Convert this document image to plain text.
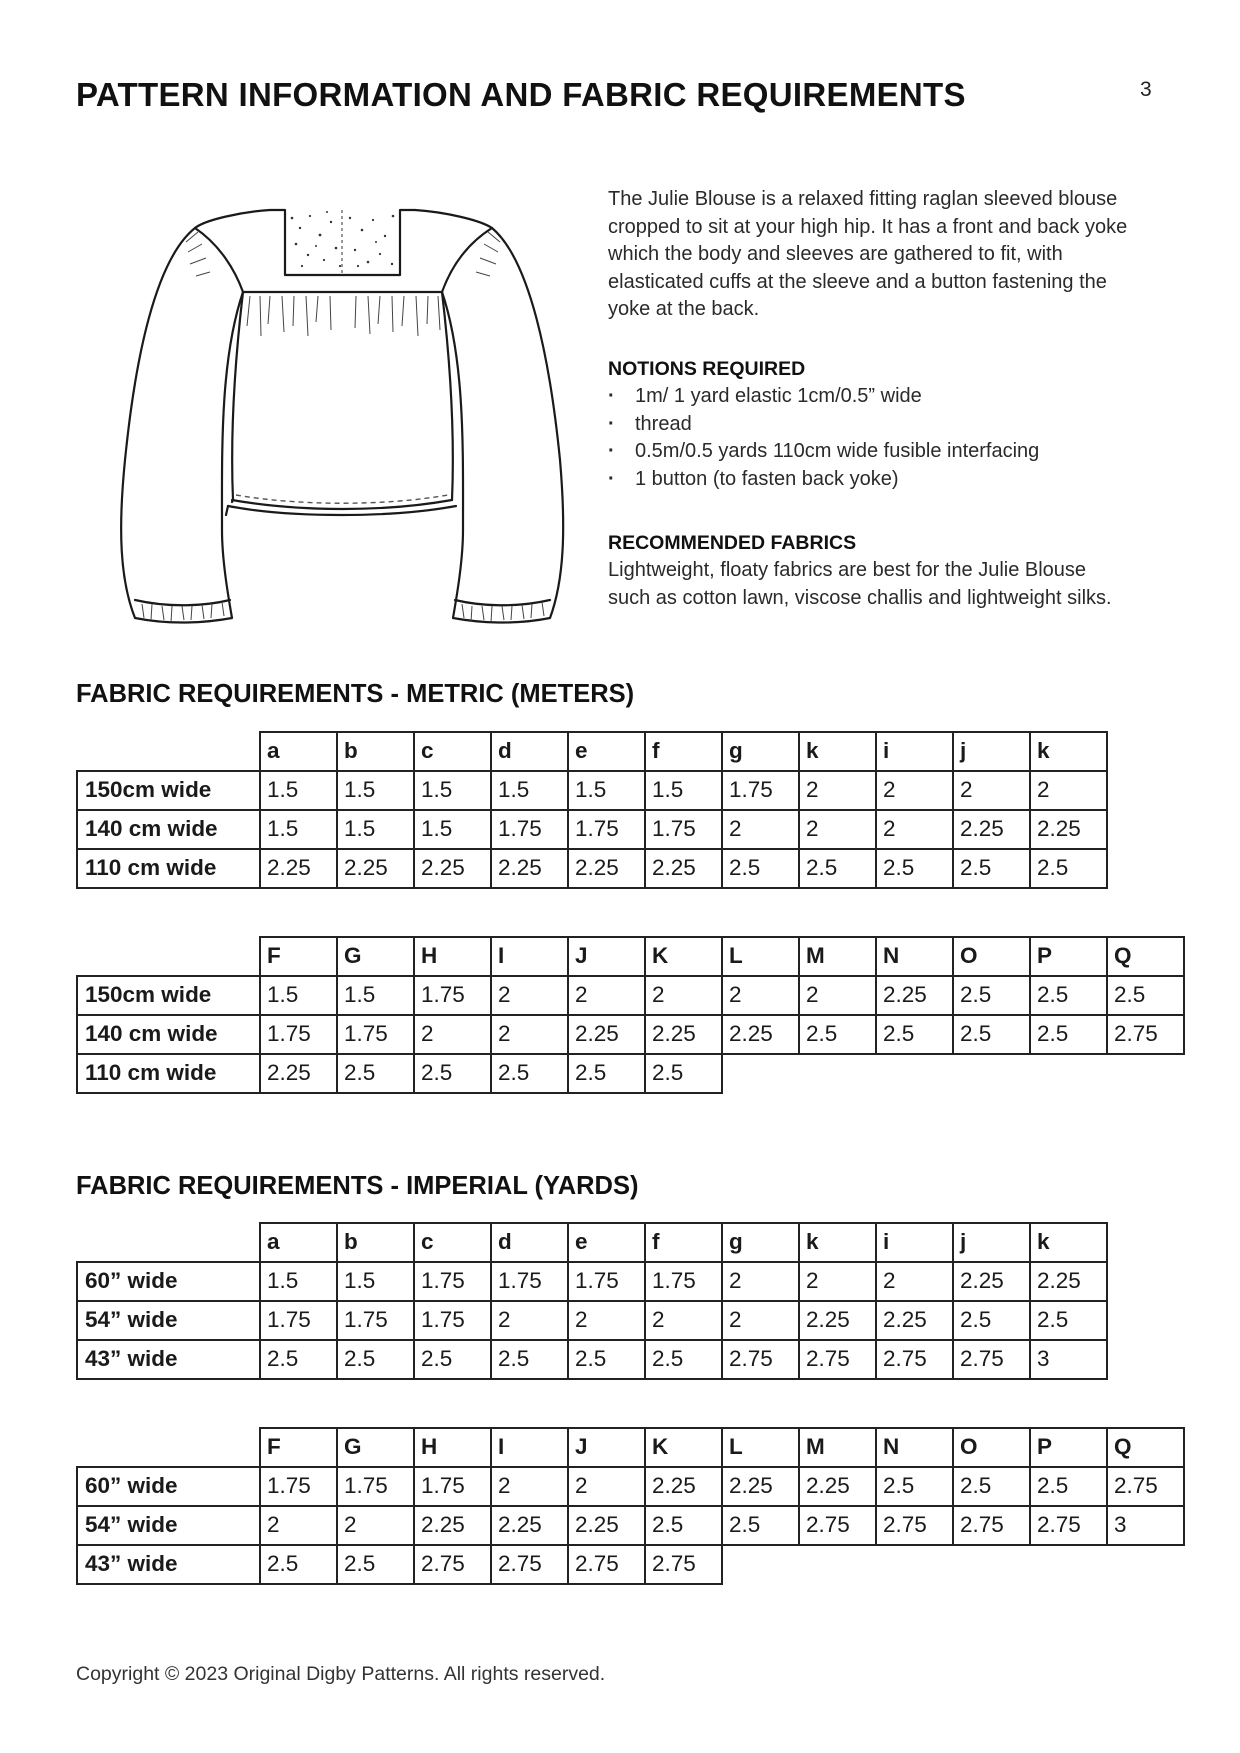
PATTERN INFORMATION AND FABRIC REQUIREMENTS	3

The Julie Blouse is a relaxed fitting raglan sleeved blouse cropped to sit at your high hip. It has a front and back yoke which the body and sleeves are gathered to fit, with elasticated cuffs at the sleeve and a button fastening the yoke at the back.

NOTIONS REQUIRED
· 1m/ 1 yard elastic 1cm/0.5” wide
· thread
· 0.5m/0.5 yards 110cm wide fusible interfacing
· 1 button (to fasten back yoke)
RECOMMENDED FABRICS

Lightweight, floaty fabrics are best for the Julie Blouse such as cotton lawn, viscose challis and lightweight silks.

FABRIC REQUIREMENTS - METRIC (METERS)
	a	b	c	d	e	f	g	k	i	j	k
150cm wide	1.5	1.5	1.5	1.5	1.5	1.5	1.75	2	2	2	2
140 cm wide	1.5	1.5	1.5	1.75	1.75	1.75	2	2	2	2.25	2.25
110 cm wide	2.25	2.25	2.25	2.25	2.25	2.25	2.5	2.5	2.5	2.5	2.5
	F	G	H	I	J	K	L	M	N	O	P	Q
150cm wide	1.5	1.5	1.75	2	2	2	2	2	2.25	2.5	2.5	2.5
140 cm wide	1.75	1.75	2	2	2.25	2.25	2.25	2.5	2.5	2.5	2.5	2.75
110 cm wide	2.25	2.5	2.5	2.5	2.5	2.5						
FABRIC REQUIREMENTS - IMPERIAL (YARDS)
	a	b	c	d	e	f	g	k	i	j	k
60” wide	1.5	1.5	1.75	1.75	1.75	1.75	2	2	2	2.25	2.25
54” wide	1.75	1.75	1.75	2	2	2	2	2.25	2.25	2.5	2.5
43” wide	2.5	2.5	2.5	2.5	2.5	2.5	2.75	2.75	2.75	2.75	3
	F	G	H	I	J	K	L	M	N	O	P	Q
60” wide	1.75	1.75	1.75	2	2	2.25	2.25	2.25	2.5	2.5	2.5	2.75
54” wide	2	2	2.25	2.25	2.25	2.5	2.5	2.75	2.75	2.75	2.75	3
43” wide	2.5	2.5	2.75	2.75	2.75	2.75						

Copyright © 2023 Original Digby Patterns. All rights reserved.
